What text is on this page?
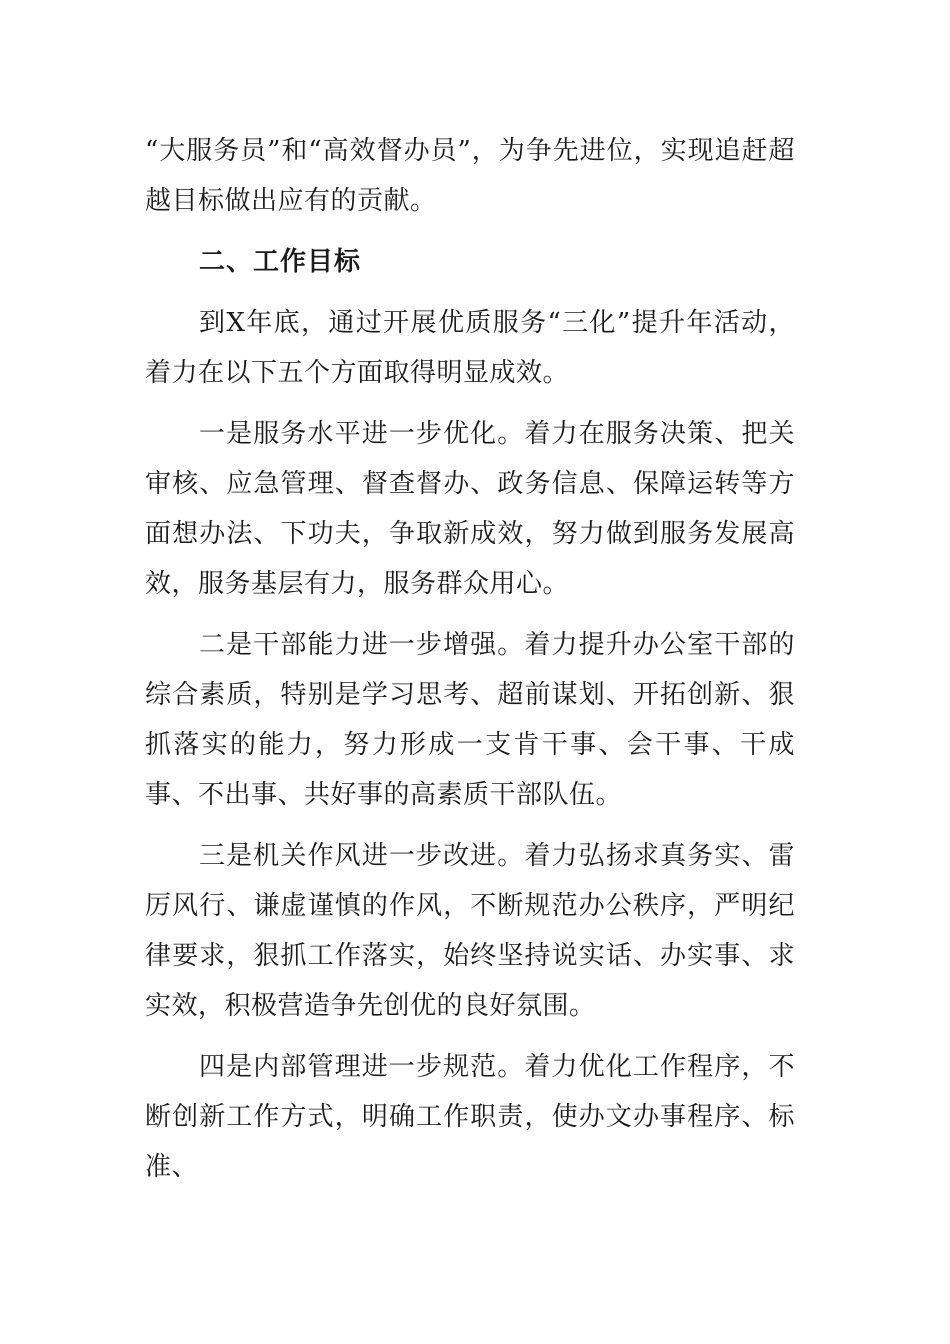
“大服务员”和“高效督办员”，为争先进位，实现追赶超越目标做出应有的贡献。

二、工作目标

到X年底，通过开展优质服务“三化”提升年活动，着力在以下五个方面取得明显成效。

一是服务水平进一步优化。着力在服务决策、把关审核、应急管理、督查督办、政务信息、保障运转等方面想办法、下功夫，争取新成效，努力做到服务发展高效，服务基层有力，服务群众用心。

二是干部能力进一步增强。着力提升办公室干部的综合素质，特别是学习思考、超前谋划、开拓创新、狠抓落实的能力，努力形成一支肯干事、会干事、干成事、不出事、共好事的高素质干部队伍。

三是机关作风进一步改进。着力弘扬求真务实、雷厉风行、谦虚谨慎的作风，不断规范办公秩序，严明纪律要求，狠抓工作落实，始终坚持说实话、办实事、求实效，积极营造争先创优的良好氛围。

四是内部管理进一步规范。着力优化工作程序，不断创新工作方式，明确工作职责，使办文办事程序、标准、
